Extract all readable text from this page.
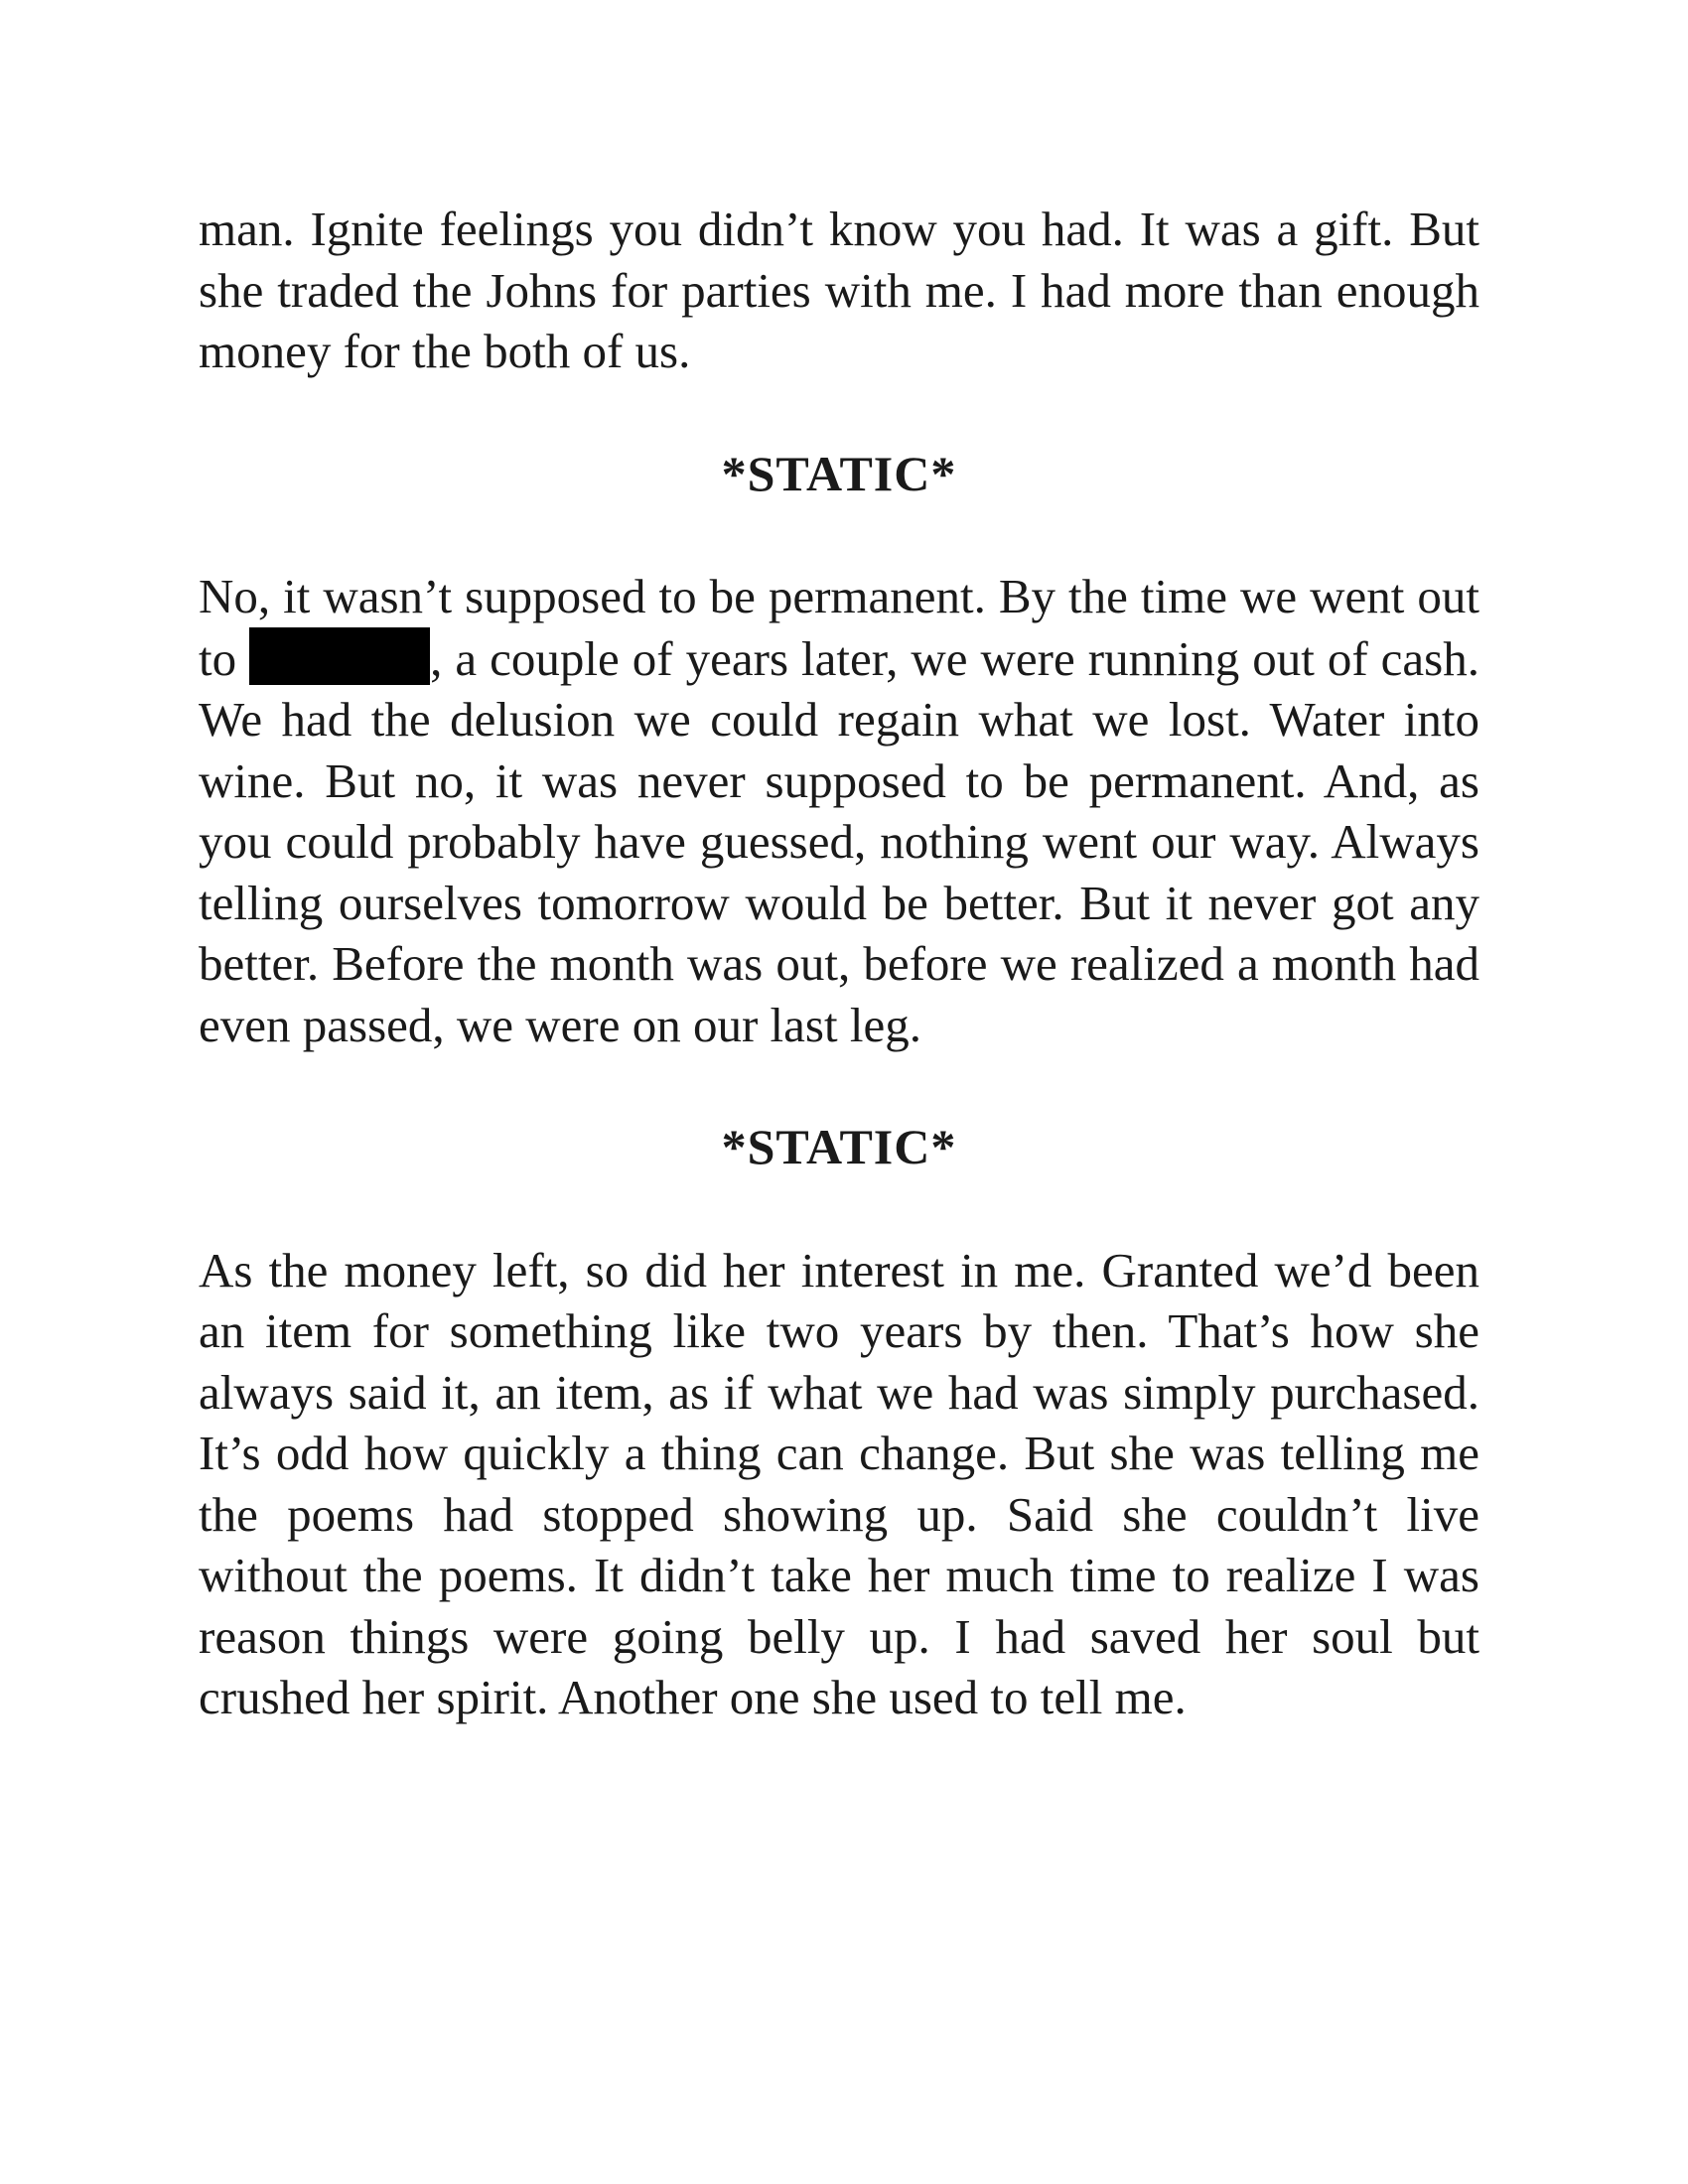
man. Ignite feelings you didn’t know you had. It was a gift. But she traded the Johns for parties with me. I had more than enough money for the both of us.

*STATIC*

No, it wasn’t supposed to be permanent. By the time we went out to	, a couple of years later, we were running out of cash. We had the delusion we could regain what we lost. Water into wine. But no, it was never supposed to be permanent. And, as you could probably have guessed, nothing went our way. Always telling ourselves tomorrow would be better. But it never got any better. Before the month was out, before we realized a month had even passed, we were on our last leg.

*STATIC*

As the money left, so did her interest in me. Granted we’d been an item for something like two years by then. That’s how she always said it, an item, as if what we had was simply purchased. It’s odd how quickly a thing can change. But she was telling me the poems had stopped showing up. Said she couldn’t live without the poems. It didn’t take her much time to realize I was reason things were going belly up. I had saved her soul but crushed her spirit. Another one she used to tell me.
